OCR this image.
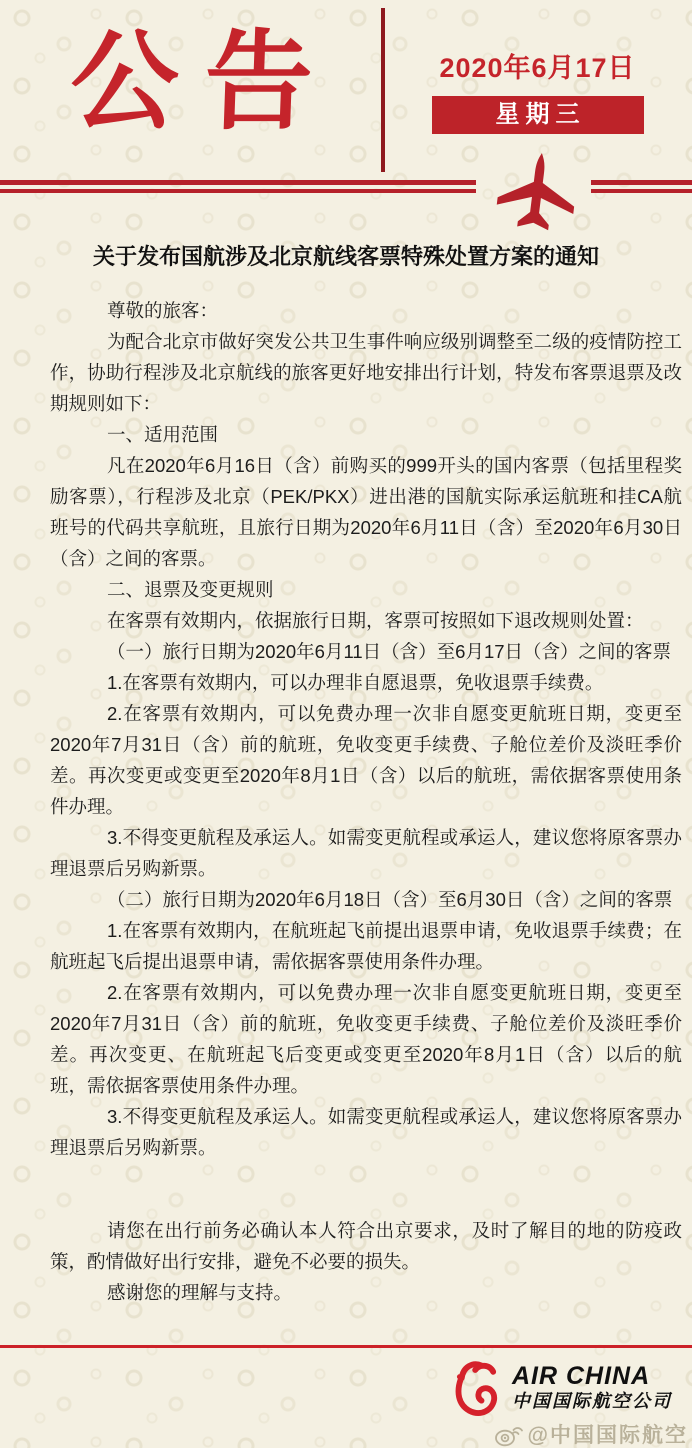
公告	2020年6月17日
星期三
关于发布国航涉及北京航线客票特殊处置方案的通知

尊敬的旅客：

为配合北京市做好突发公共卫生事件响应级别调整至二级的疫情防控工作，协助行程涉及北京航线的旅客更好地安排出行计划，特发布客票退票及改期规则如下：

一、适用范围

凡在2020年6月16日（含）前购买的999开头的国内客票（包括里程奖励客票），行程涉及北京（PEK/PKX）进出港的国航实际承运航班和挂CA航班号的代码共享航班，且旅行日期为2020年6月11日（含）至2020年6月30日（含）之间的客票。

二、退票及变更规则

在客票有效期内，依据旅行日期，客票可按照如下退改规则处置：

（一）旅行日期为2020年6月11日（含）至6月17日（含）之间的客票

1.在客票有效期内，可以办理非自愿退票，免收退票手续费。

2.在客票有效期内，可以免费办理一次非自愿变更航班日期，变更至2020年7月31日（含）前的航班，免收变更手续费、子舱位差价及淡旺季价差。再次变更或变更至2020年8月1日（含）以后的航班，需依据客票使用条件办理。

3.不得变更航程及承运人。如需变更航程或承运人，建议您将原客票办理退票后另购新票。

（二）旅行日期为2020年6月18日（含）至6月30日（含）之间的客票

1.在客票有效期内，在航班起飞前提出退票申请，免收退票手续费；在航班起飞后提出退票申请，需依据客票使用条件办理。

2.在客票有效期内，可以免费办理一次非自愿变更航班日期，变更至2020年7月31日（含）前的航班，免收变更手续费、子舱位差价及淡旺季价差。再次变更、在航班起飞后变更或变更至2020年8月1日（含）以后的航班，需依据客票使用条件办理。

3.不得变更航程及承运人。如需变更航程或承运人，建议您将原客票办理退票后另购新票。

请您在出行前务必确认本人符合出京要求，及时了解目的地的防疫政策，酌情做好出行安排，避免不必要的损失。

感谢您的理解与支持。

AIR CHINA
中国国际航空公司
@中国国际航空
